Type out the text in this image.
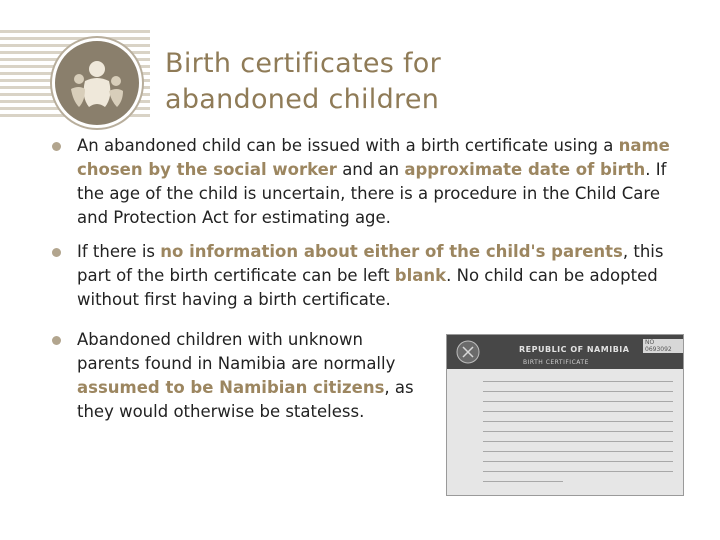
Birth certificates for
abandoned children
An abandoned child can be issued with a birth certificate using a name chosen by the social worker and an approximate date of birth. If the age of the child is uncertain, there is a procedure in the Child Care and Protection Act for estimating age.
If there is no information about either of the child's parents, this part of the birth certificate can be left blank. No child can be adopted without first having a birth certificate.
Abandoned children with unknown parents found in Namibia are normally assumed to be Namibian citizens, as they would otherwise be stateless.
REPUBLIC OF NAMIBIA
BIRTH CERTIFICATE
NO 0693092
